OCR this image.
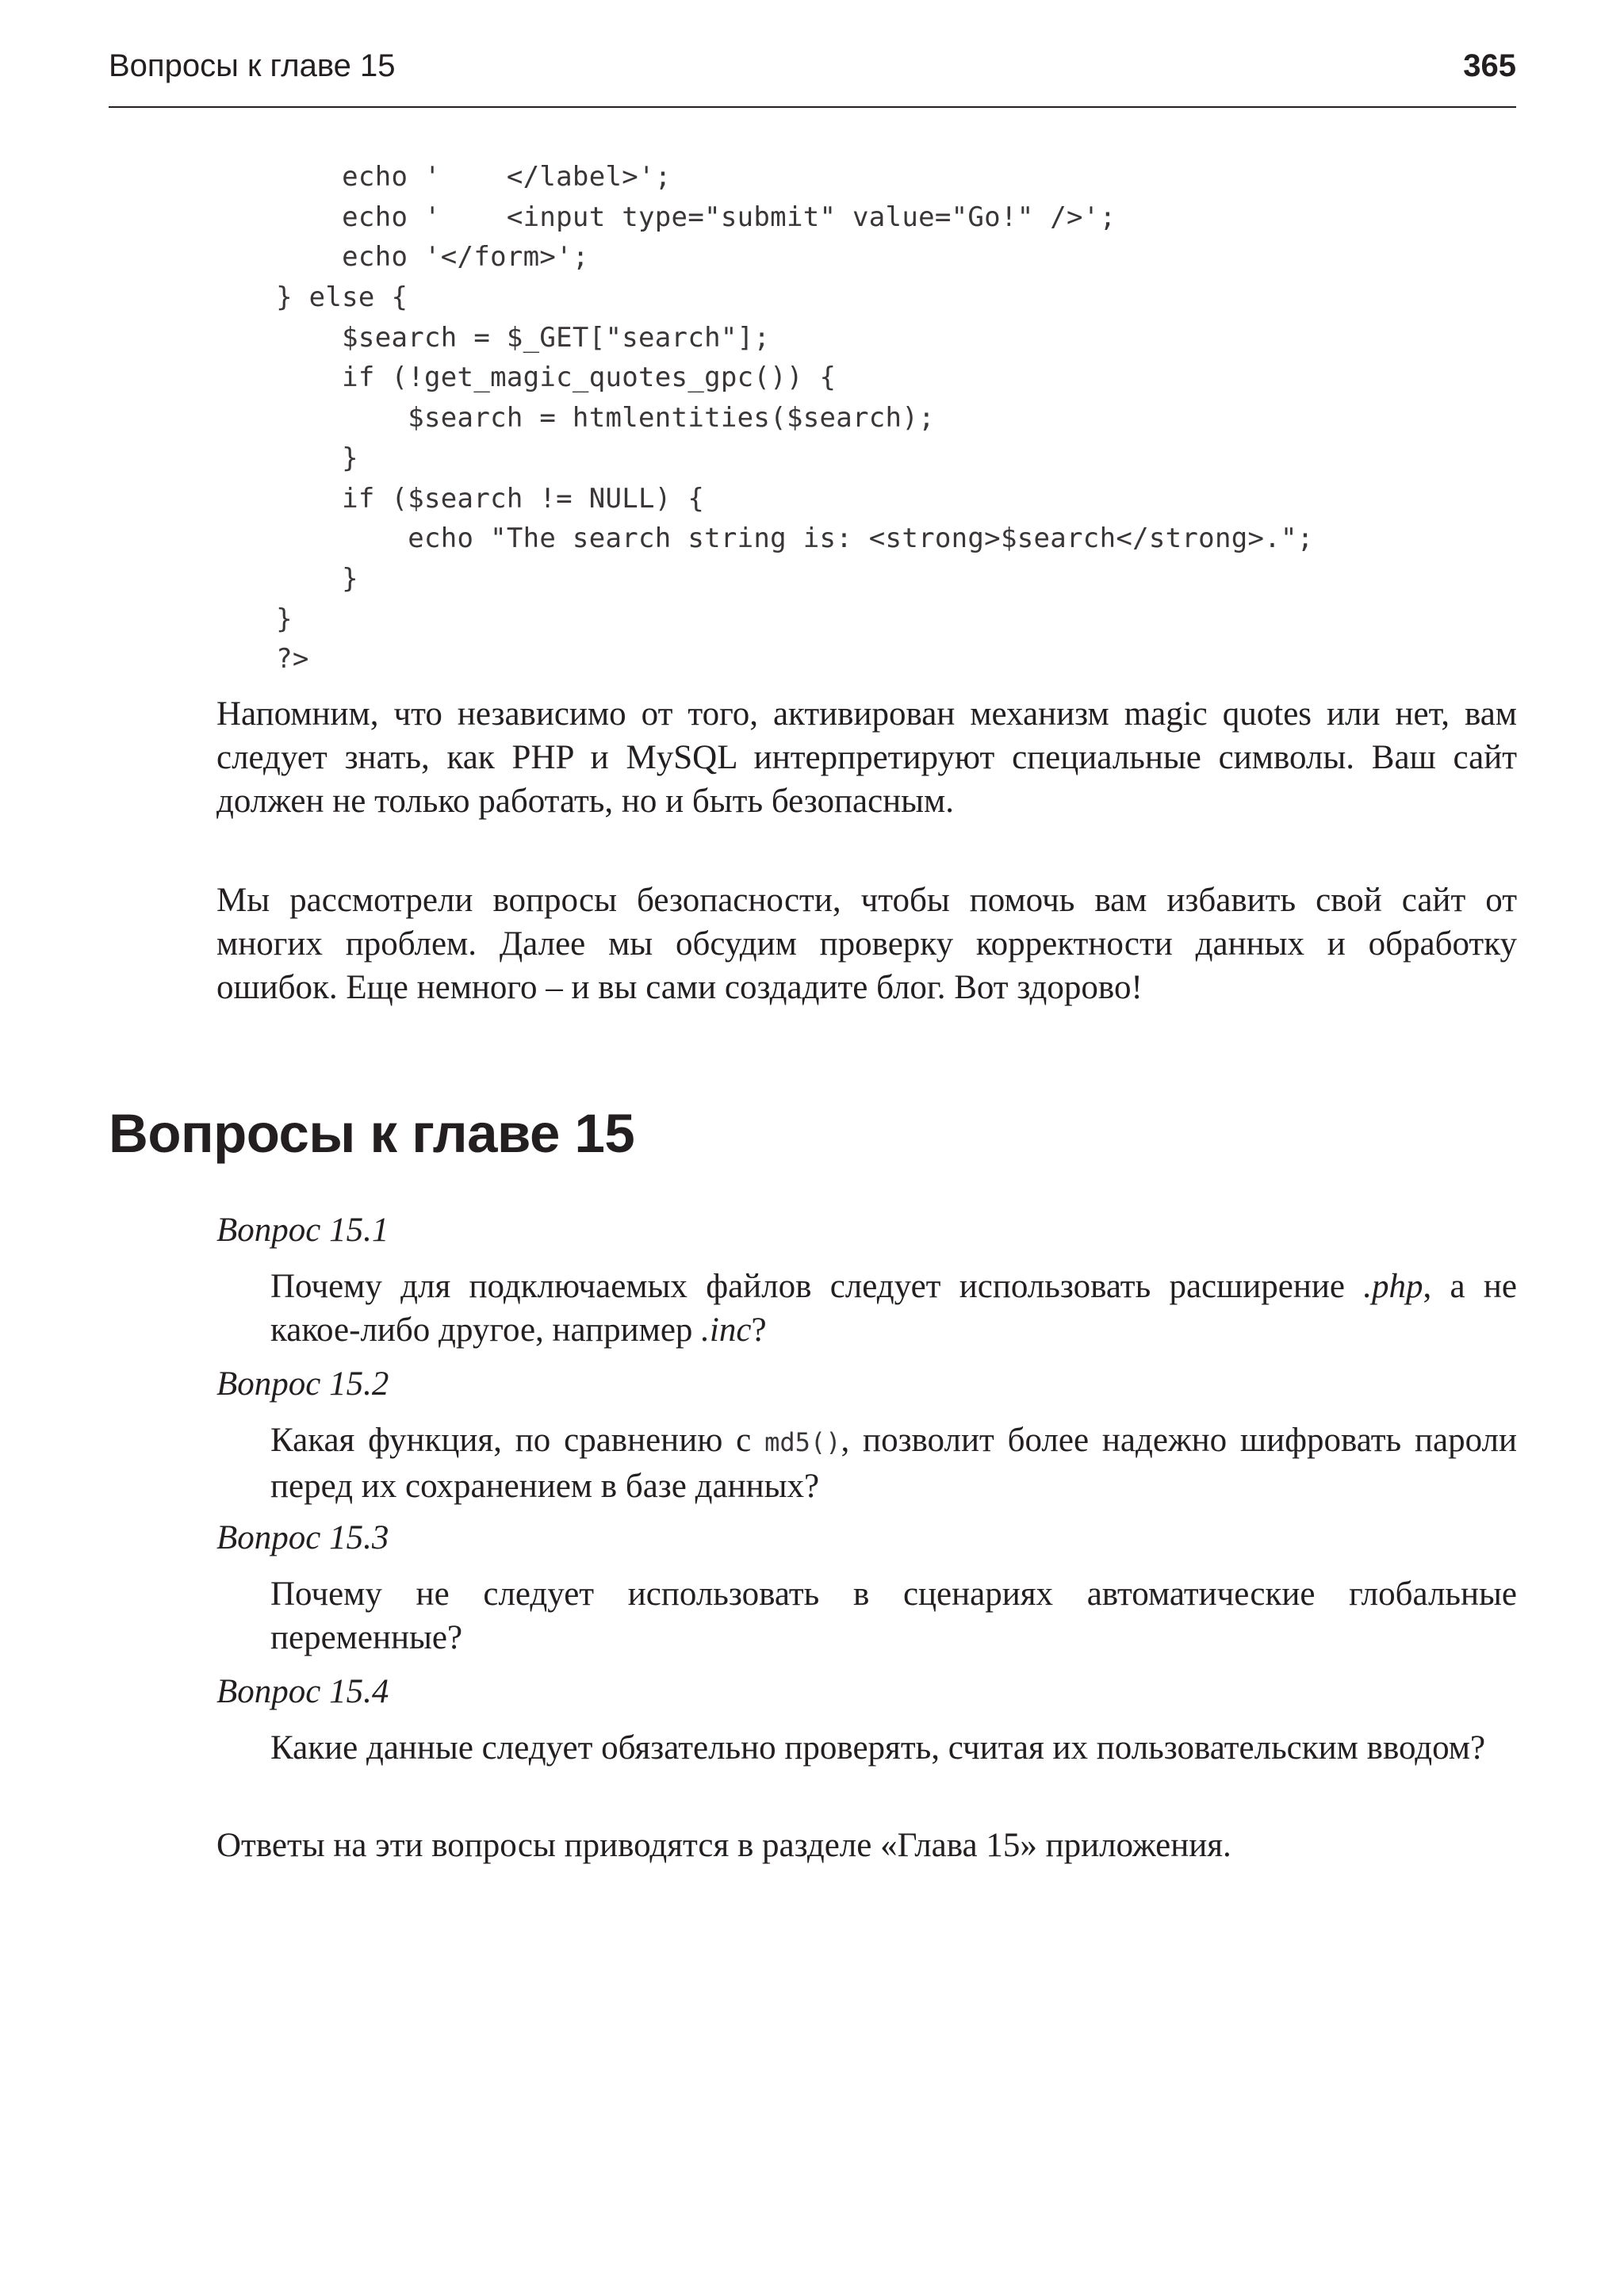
Вопросы к главе 15	365
echo '    </label>';
echo '    <input type="submit" value="Go!" />';
echo '</form>';
} else {
$search = $_GET["search"];
if (!get_magic_quotes_gpc()) {
$search = htmlentities($search);
}
if ($search != NULL) {
echo "The search string is: <strong>$search</strong>.";
}
}
?>

Напомним, что независимо от того, активирован механизм magic quotes или нет, вам следует знать, как PHP и MySQL интерпретируют специальные символы. Ваш сайт должен не только работать, но и быть безопасным.

Мы рассмотрели вопросы безопасности, чтобы помочь вам избавить свой сайт от многих проблем. Далее мы обсудим проверку корректности данных и обработку ошибок. Еще немного – и вы сами создадите блог. Вот здорово!

Вопросы к главе 15

Вопрос 15.1

Почему для подключаемых файлов следует использовать расширение .php, а не какое-либо другое, например .inc?

Вопрос 15.2

Какая функция, по сравнению с md5(), позволит более надежно шифровать пароли перед их сохранением в базе данных?

Вопрос 15.3

Почему не следует использовать в сценариях автоматические глобальные переменные?

Вопрос 15.4

Какие данные следует обязательно проверять, считая их пользовательским вводом?

Ответы на эти вопросы приводятся в разделе «Глава 15» приложения.
